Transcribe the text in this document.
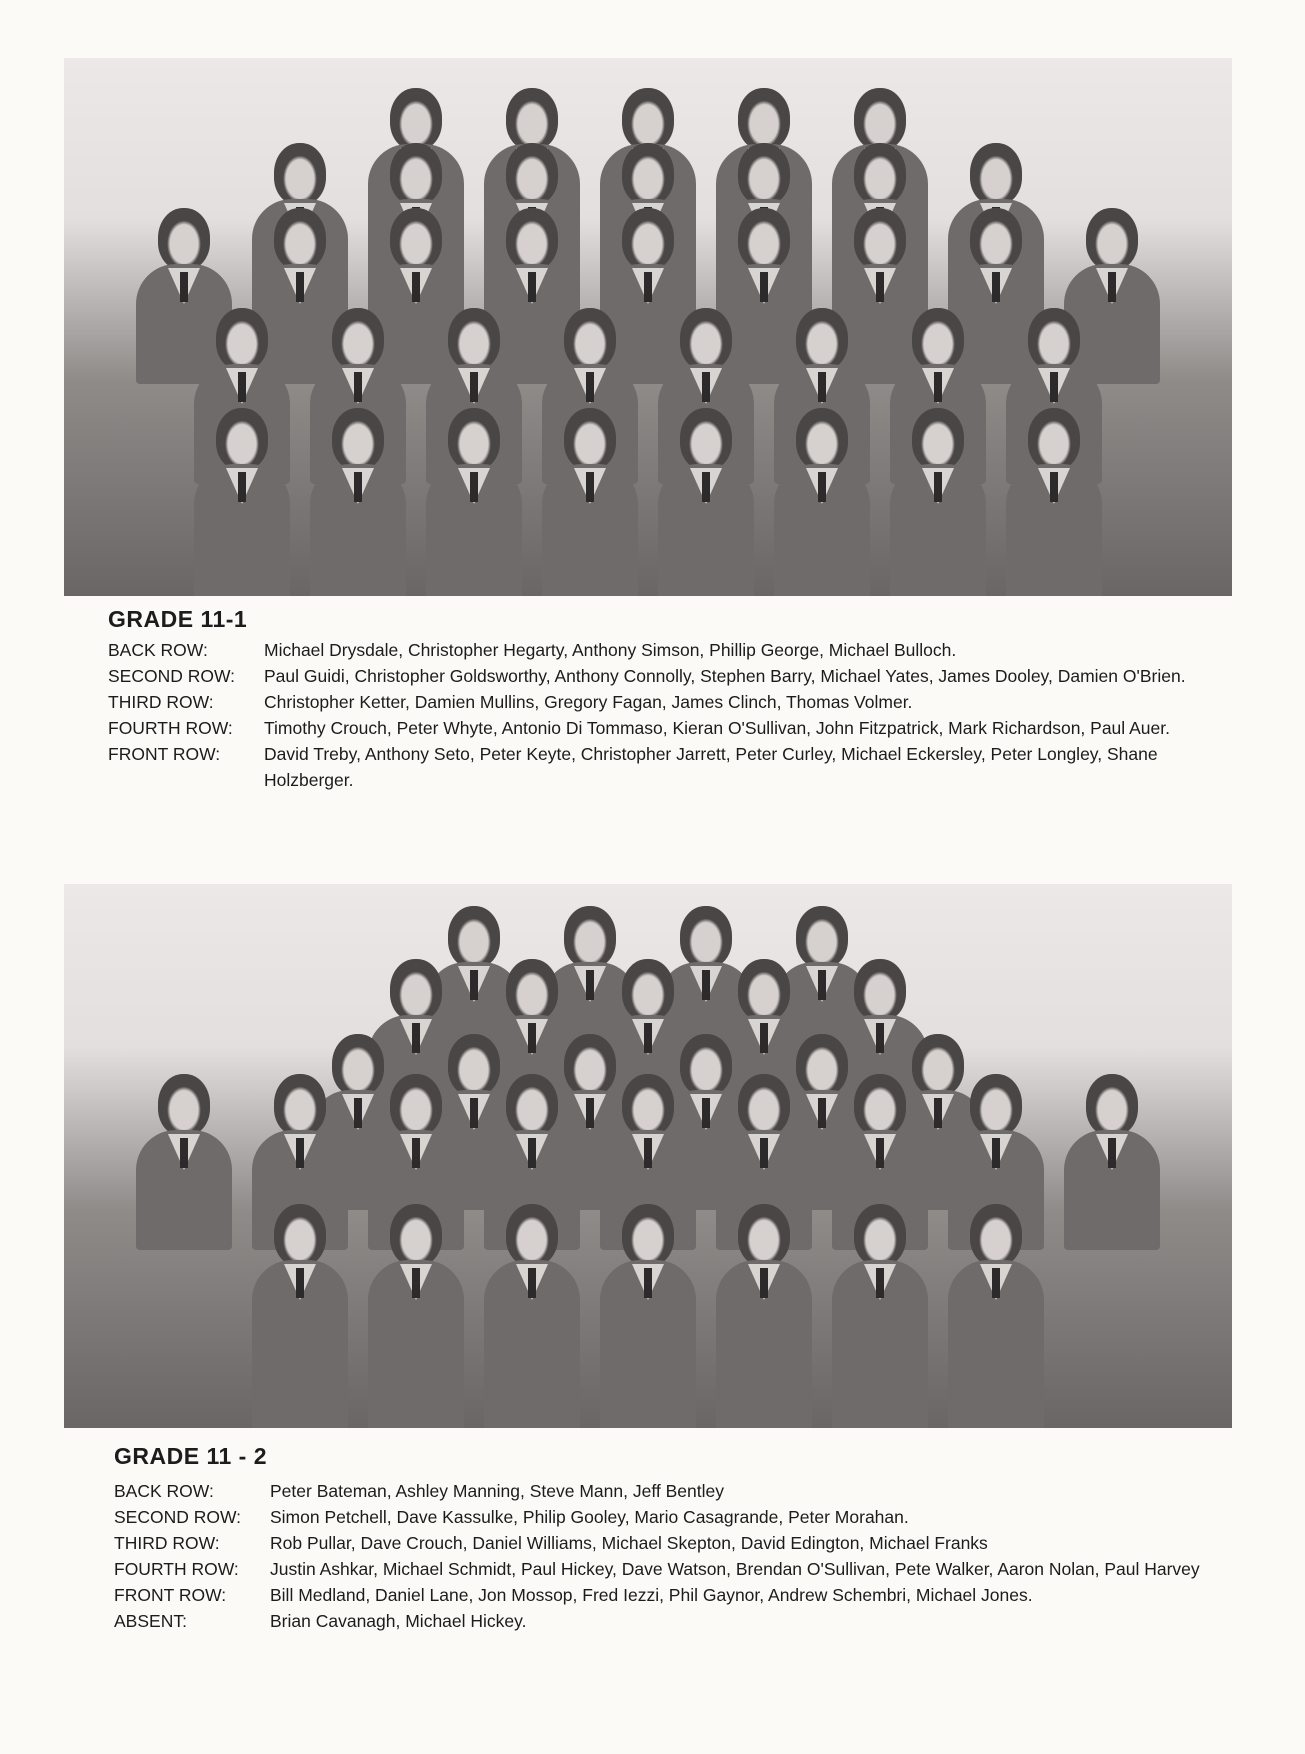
GRADE 11-1
BACK ROW:	Michael Drysdale, Christopher Hegarty, Anthony Simson, Phillip George, Michael Bulloch.
SECOND ROW:	Paul Guidi, Christopher Goldsworthy, Anthony Connolly, Stephen Barry, Michael Yates, James Dooley, Damien O'Brien.
THIRD ROW:	Christopher Ketter, Damien Mullins, Gregory Fagan, James Clinch, Thomas Volmer.
FOURTH ROW:	Timothy Crouch, Peter Whyte, Antonio Di Tommaso, Kieran O'Sullivan, John Fitzpatrick, Mark Richardson, Paul Auer.
FRONT ROW:	David Treby, Anthony Seto, Peter Keyte, Christopher Jarrett, Peter Curley, Michael Eckersley, Peter Longley, Shane Holzberger.
GRADE 11 - 2
BACK ROW:	Peter Bateman, Ashley Manning, Steve Mann, Jeff Bentley
SECOND ROW:	Simon Petchell, Dave Kassulke, Philip Gooley, Mario Casagrande, Peter Morahan.
THIRD ROW:	Rob Pullar, Dave Crouch, Daniel Williams, Michael Skepton, David Edington, Michael Franks
FOURTH ROW:	Justin Ashkar, Michael Schmidt, Paul Hickey, Dave Watson, Brendan O'Sullivan, Pete Walker, Aaron Nolan, Paul Harvey
FRONT ROW:	Bill Medland, Daniel Lane, Jon Mossop, Fred Iezzi, Phil Gaynor, Andrew Schembri, Michael Jones.
ABSENT:	Brian Cavanagh, Michael Hickey.
